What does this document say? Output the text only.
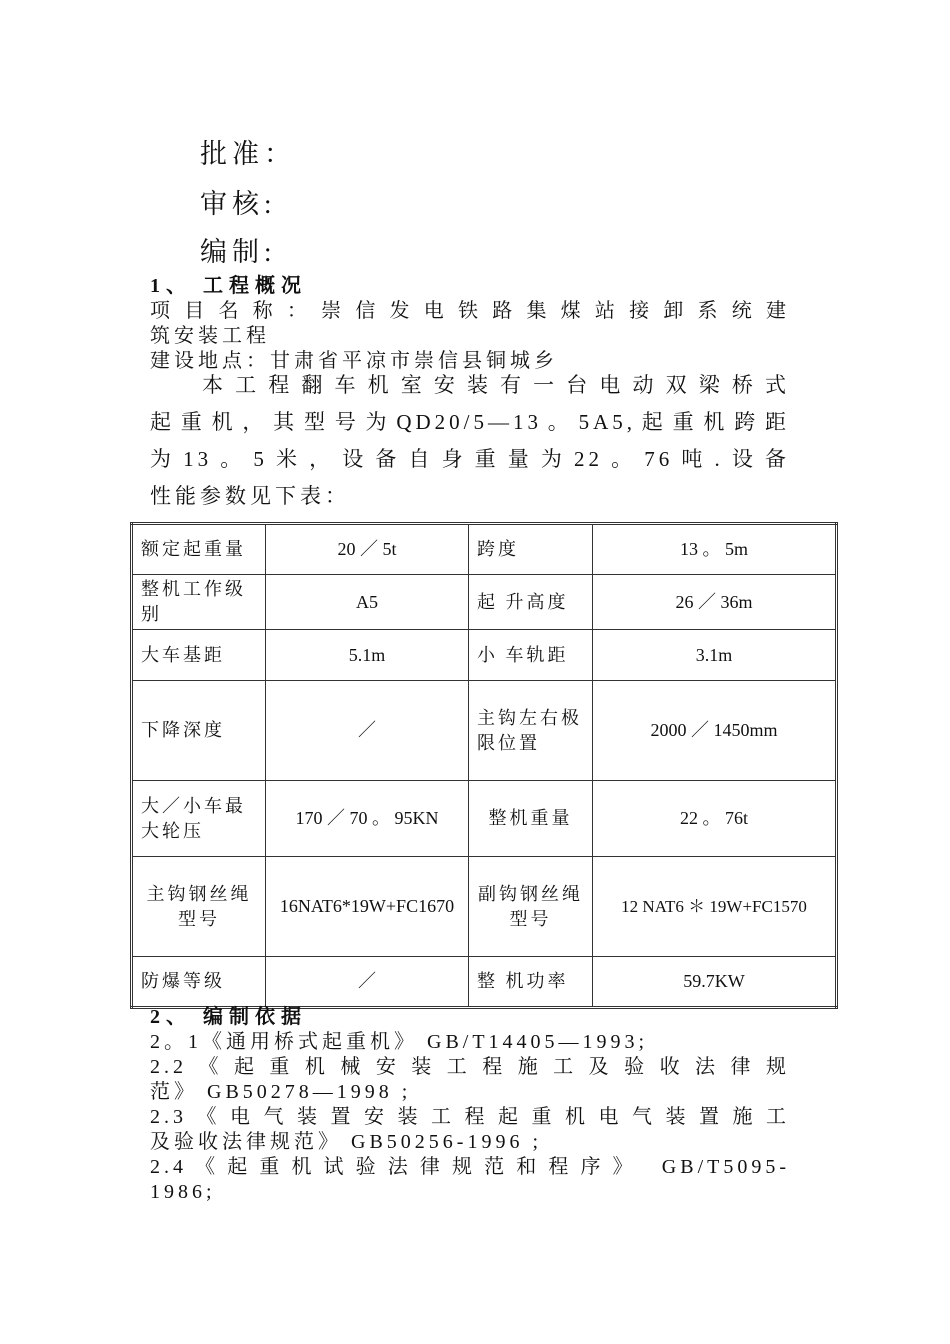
批准：
审核:
编制:
1、 工程概况
项目名称：崇信发电铁路集煤站接卸系统建
筑安装工程
建设地点：甘肃省平凉市崇信县铜城乡
本工程翻车机室安装有一台电动双梁桥式
起重机，其型号为QD20/5—13。5A5,起重机跨距
为13。5米，设备自身重量为22。76吨.设备
性能参数见下表：
额定起重量	20 ／ 5t	跨度	13 。 5m
整机工作级别	A5	起 升高度	26 ／ 36m
大车基距	5.1m	小 车轨距	3.1m
下降深度	／	主钩左右极限位置	2000 ／ 1450mm
大／小车最大轮压	170 ／ 70 。 95KN	整机重量	22 。 76t
主钩钢丝绳型号	16NAT6*19W+FC1670	副钩钢丝绳型号	12 NAT6 ＊ 19W+FC1570
防爆等级	／	整 机功率	59.7KW
2、 编制依据
2。1《通用桥式起重机》 GB/T14405—1993;
2.2《起重机械安装工程施工及验收法律规
范》 GB50278—1998 ;
2.3《电气装置安装工程起重机电气装置施工
及验收法律规范》 GB50256-1996 ;
2.4《起重机试验法律规范和程序》 GB/T5095-
1986;
